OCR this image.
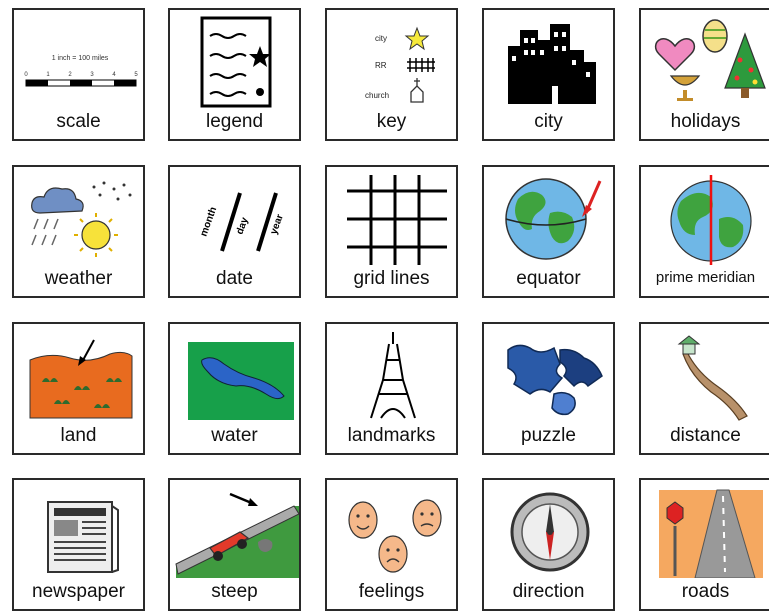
1 inch = 100 miles
0	1	2	3	4	5
scale	legend
city
RR
church
key	city	holidays
weather
month day year
date	grid lines	equator	prime meridian
land	water	landmarks	puzzle	distance
newspaper	steep	feelings	direction	roads
